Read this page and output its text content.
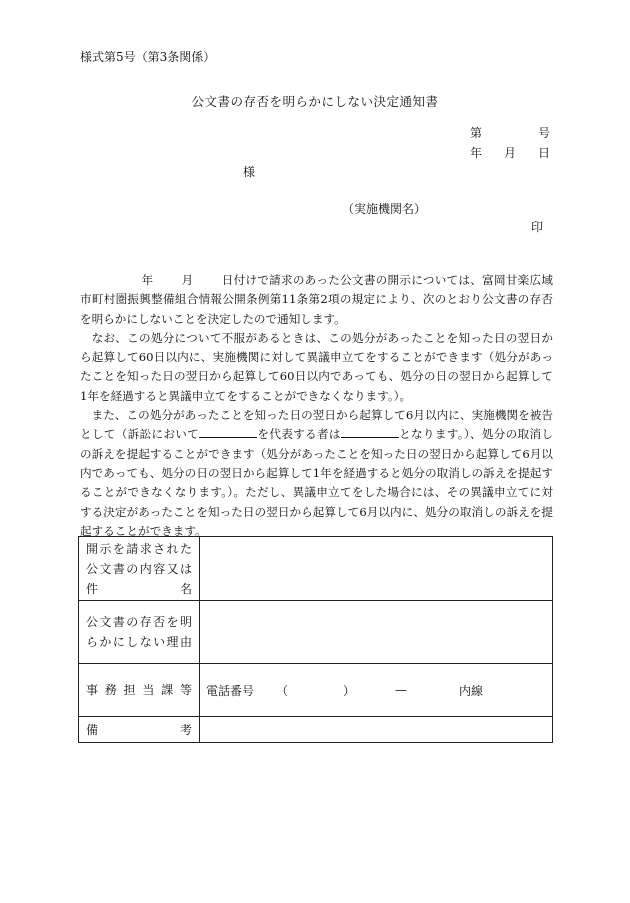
様式第5号（第3条関係）
公文書の存否を明らかにしない決定通知書
第	号
年 月 日
様
（実施機関名）
印

年 月 日付けで請求のあった公文書の開示については、富岡甘楽広域市町村圏振興整備組合情報公開条例第11条第2項の規定により、次のとおり公文書の存否を明らかにしないことを決定したので通知します。

なお、この処分について不服があるときは、この処分があったことを知った日の翌日から起算して60日以内に、実施機関に対して異議申立てをすることができます（処分があったことを知った日の翌日から起算して60日以内であっても、処分の日の翌日から起算して1年を経過すると異議申立てをすることができなくなります。）。

また、この処分があったことを知った日の翌日から起算して6月以内に、実施機関を被告として（訴訟において	を代表する者は	となります。）、処分の取消しの訴えを提起することができます（処分があったことを知った日の翌日から起算して6月以内であっても、処分の日の翌日から起算して1年を経過すると処分の取消しの訴えを提起することができなくなります。）。ただし、異議申立てをした場合には、その異議申立てに対する決定があったことを知った日の翌日から起算して6月以内に、処分の取消しの訴えを提起することができます。

開示を請求された公文書の内容又は件名	

公文書の存否を明らかにしない理由	

事務担当課等	電話番号 （ ） — 内線

備 考	
